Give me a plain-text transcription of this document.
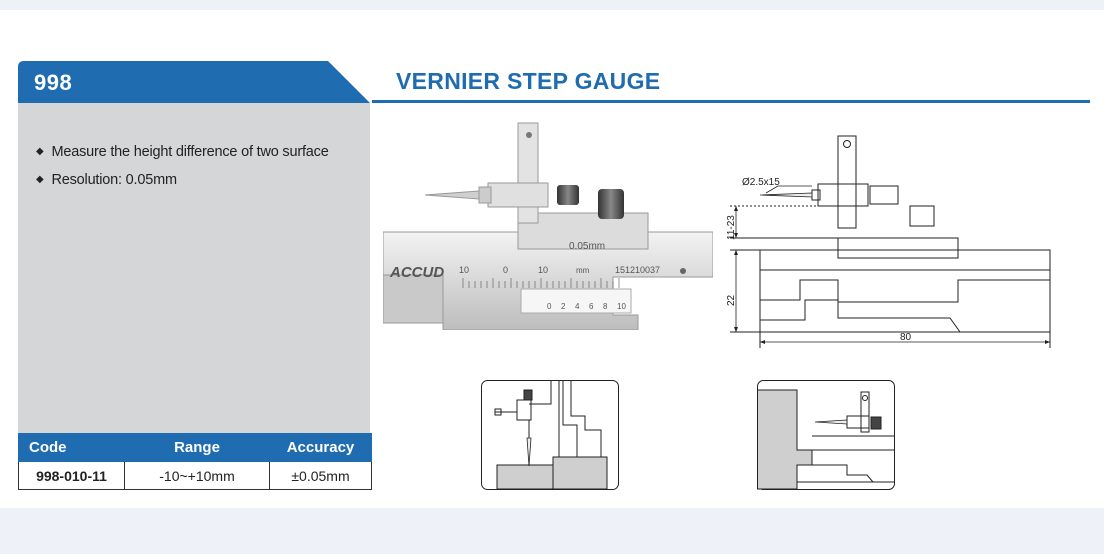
998	VERNIER STEP GAUGE
◆ Measure the height difference of two surface
◆ Resolution: 0.05mm
Code	Range	Accuracy
998-010-11	-10~+10mm	±0.05mm
ACCUD
0.05mm
10	0	10	mm	151210037
0 2 4 6 8 10
Ø2.5x15
11-23
22
80
